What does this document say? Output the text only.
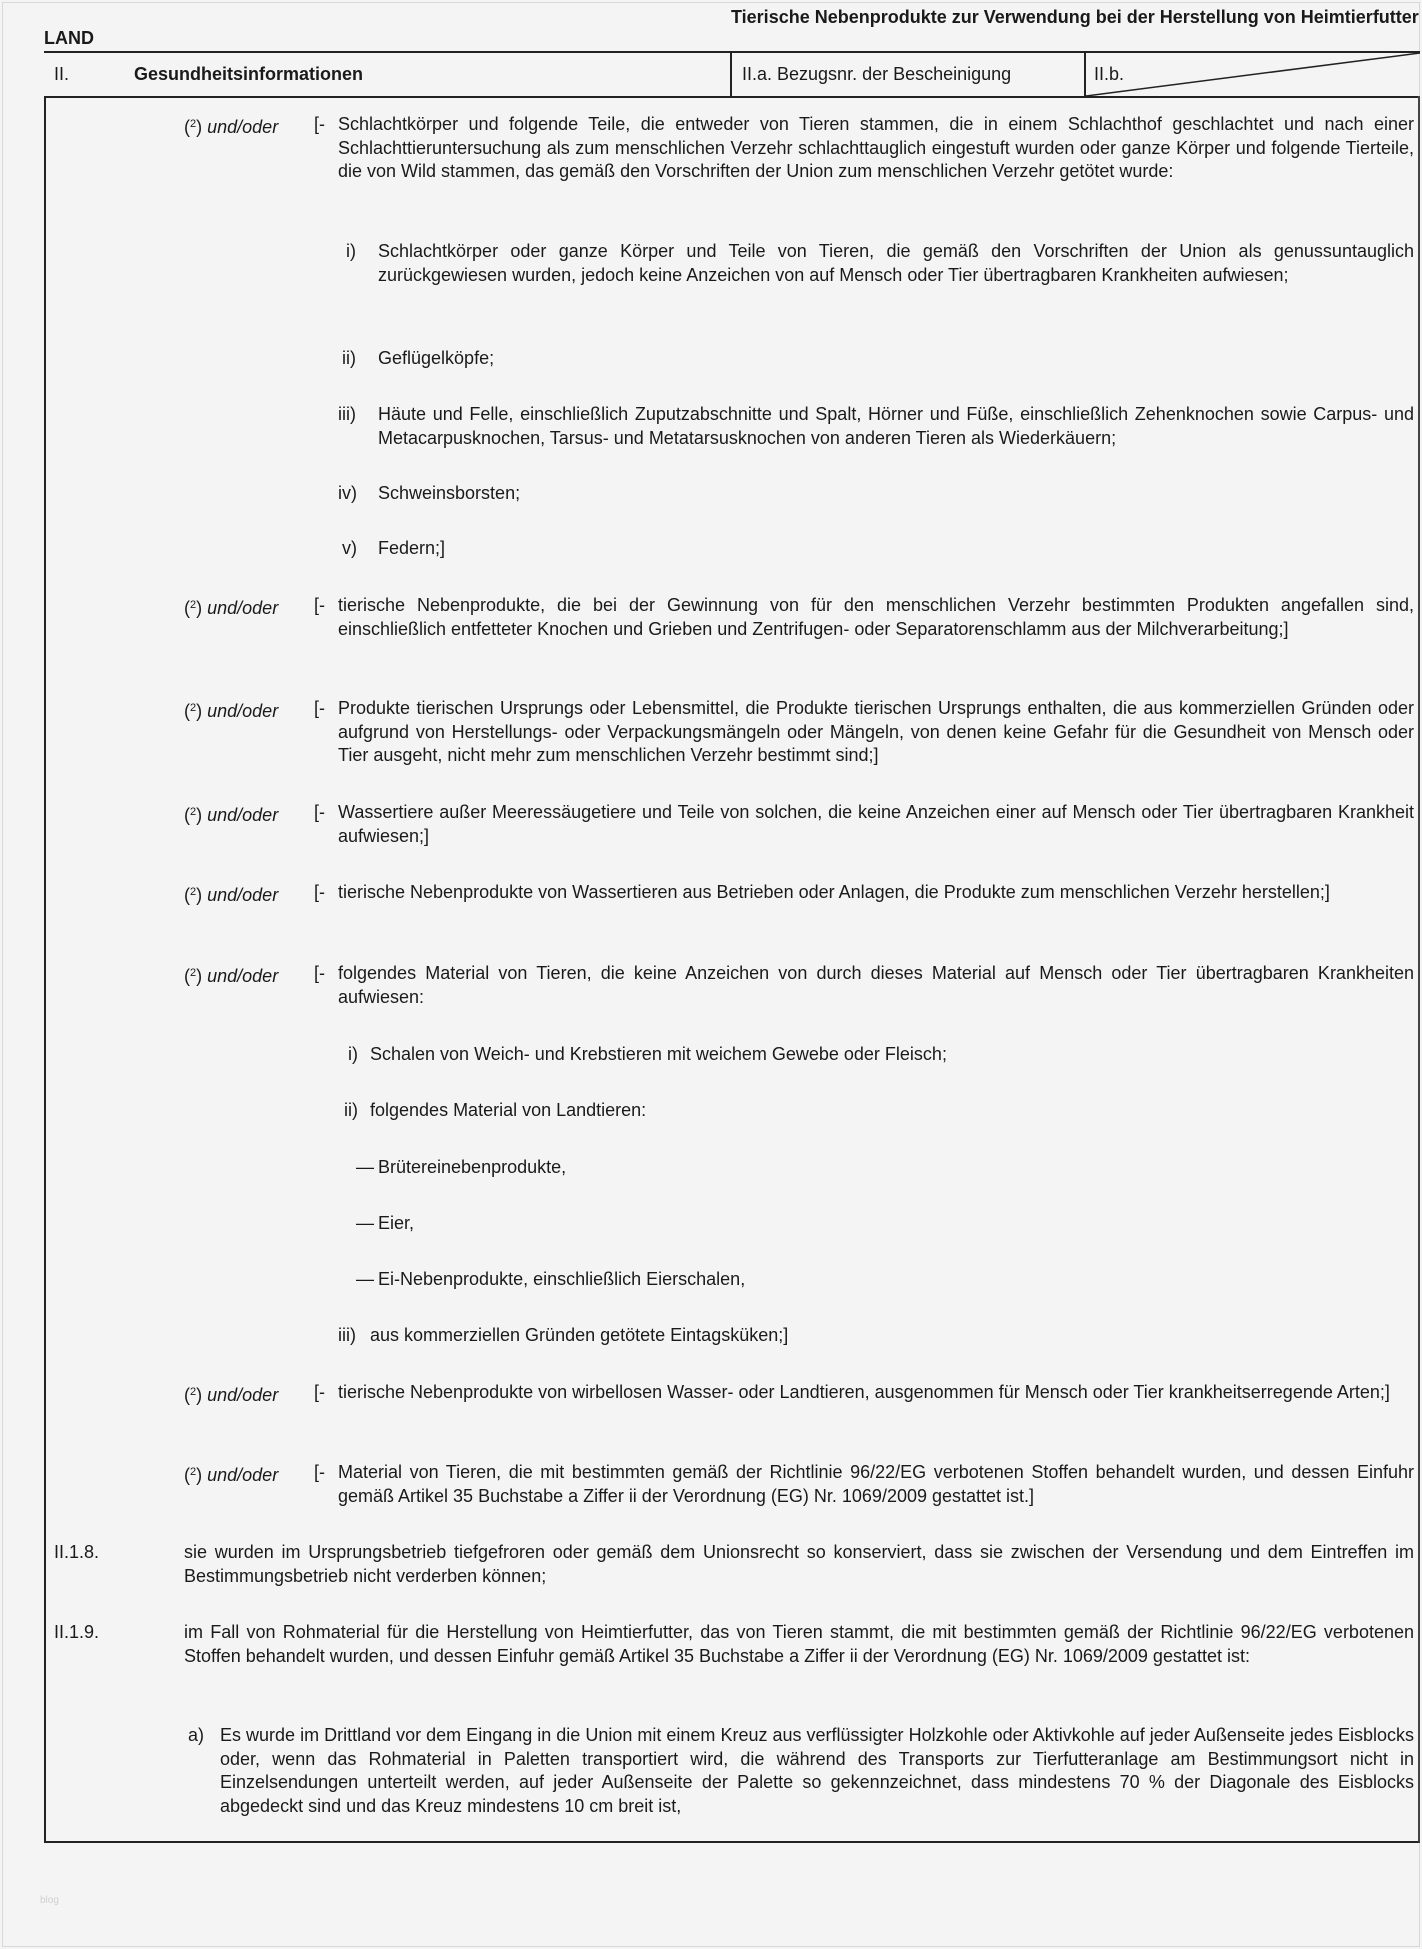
LAND
Tierische Nebenprodukte zur Verwendung bei der Herstellung von Heimtierfutter
II.	Gesundheitsinformationen	II.a. Bezugsnr. der Bescheinigung	II.b.
($^2$) und/oder [- Schlachtkörper und folgende Teile, die entweder von Tieren stammen, die in einem Schlachthof geschlachtet und nach einer Schlachttieruntersuchung als zum menschlichen Verzehr schlachttauglich eingestuft wurden oder ganze Körper und folgende Tierteile, die von Wild stammen, das gemäß den Vorschriften der Union zum menschlichen Verzehr getötet wurde:
i) Schlachtkörper oder ganze Körper und Teile von Tieren, die gemäß den Vorschriften der Union als genussuntauglich zurückgewiesen wurden, jedoch keine Anzeichen von auf Mensch oder Tier übertragbaren Krankheiten aufwiesen;
ii) Geflügelköpfe;
iii) Häute und Felle, einschließlich Zuputzabschnitte und Spalt, Hörner und Füße, einschließlich Zehenknochen sowie Carpus- und Metacarpusknochen, Tarsus- und Metatarsusknochen von anderen Tieren als Wiederkäuern;
iv) Schweinsborsten;
v) Federn;]
($^2$) und/oder [- tierische Nebenprodukte, die bei der Gewinnung von für den menschlichen Verzehr bestimmten Produkten angefallen sind, einschließlich entfetteter Knochen und Grieben und Zentrifugen- oder Separatorenschlamm aus der Milchverarbeitung;]
($^2$) und/oder [- Produkte tierischen Ursprungs oder Lebensmittel, die Produkte tierischen Ursprungs enthalten, die aus kommerziellen Gründen oder aufgrund von Herstellungs- oder Verpackungsmängeln oder Mängeln, von denen keine Gefahr für die Gesundheit von Mensch oder Tier ausgeht, nicht mehr zum menschlichen Verzehr bestimmt sind;]
($^2$) und/oder [- Wassertiere außer Meeressäugetiere und Teile von solchen, die keine Anzeichen einer auf Mensch oder Tier übertragbaren Krankheit aufwiesen;]
($^2$) und/oder [- tierische Nebenprodukte von Wassertieren aus Betrieben oder Anlagen, die Produkte zum menschlichen Verzehr herstellen;]
($^2$) und/oder [- folgendes Material von Tieren, die keine Anzeichen von durch dieses Material auf Mensch oder Tier übertragbaren Krankheiten aufwiesen:
i) Schalen von Weich- und Krebstieren mit weichem Gewebe oder Fleisch;
ii) folgendes Material von Landtieren:
— Brütereinebenprodukte,
— Eier,
— Ei-Nebenprodukte, einschließlich Eierschalen,
iii) aus kommerziellen Gründen getötete Eintagsküken;]
($^2$) und/oder [- tierische Nebenprodukte von wirbellosen Wasser- oder Landtieren, ausgenommen für Mensch oder Tier krankheitserregende Arten;]
($^2$) und/oder [- Material von Tieren, die mit bestimmten gemäß der Richtlinie 96/22/EG verbotenen Stoffen behandelt wurden, und dessen Einfuhr gemäß Artikel 35 Buchstabe a Ziffer ii der Verordnung (EG) Nr. 1069/2009 gestattet ist.]
II.1.8.	sie wurden im Ursprungsbetrieb tiefgefroren oder gemäß dem Unionsrecht so konserviert, dass sie zwischen der Versendung und dem Eintreffen im Bestimmungsbetrieb nicht verderben können;
II.1.9.	im Fall von Rohmaterial für die Herstellung von Heimtierfutter, das von Tieren stammt, die mit bestimmten gemäß der Richtlinie 96/22/EG verbotenen Stoffen behandelt wurden, und dessen Einfuhr gemäß Artikel 35 Buchstabe a Ziffer ii der Verordnung (EG) Nr. 1069/2009 gestattet ist:
a) Es wurde im Drittland vor dem Eingang in die Union mit einem Kreuz aus verflüssigter Holzkohle oder Aktivkohle auf jeder Außenseite jedes Eisblocks oder, wenn das Rohmaterial in Paletten transportiert wird, die während des Transports zur Tierfutteranlage am Bestimmungsort nicht in Einzelsendungen unterteilt werden, auf jeder Außenseite der Palette so gekennzeichnet, dass mindestens 70 % der Diagonale des Eisblocks abgedeckt sind und das Kreuz mindestens 10 cm breit ist,
blog
